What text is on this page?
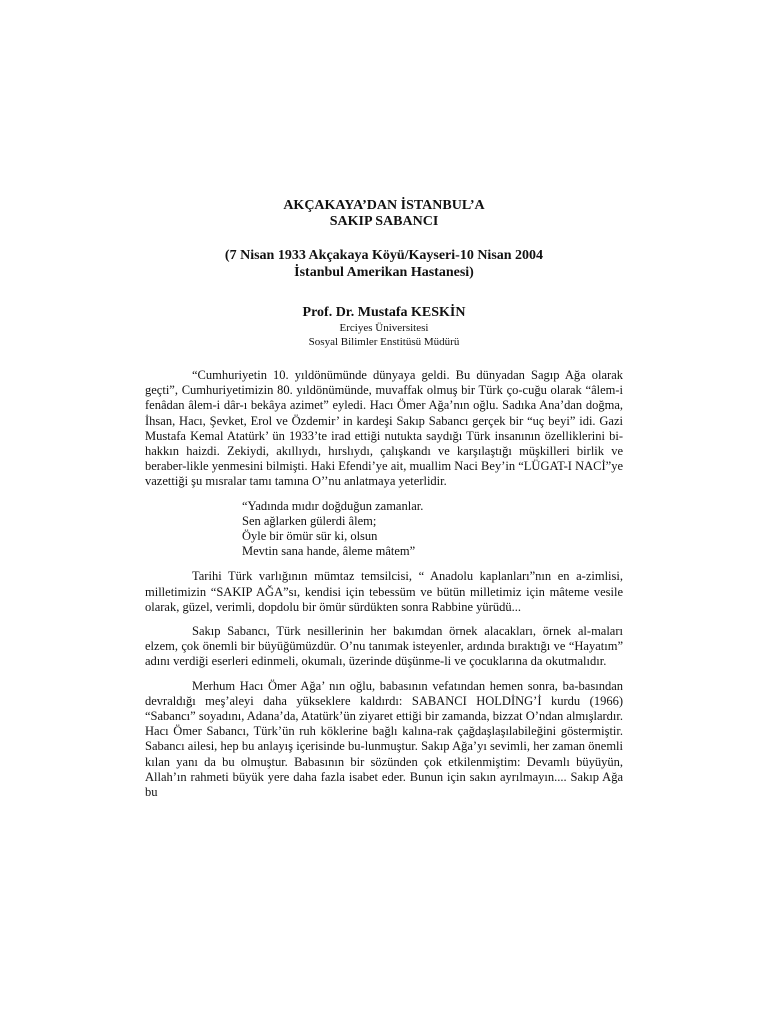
AKÇAKAYA’DAN İSTANBUL’A
SAKIP SABANCI
(7 Nisan 1933 Akçakaya Köyü/Kayseri-10 Nisan 2004
İstanbul Amerikan Hastanesi)
Prof. Dr. Mustafa KESKİN
Erciyes Üniversitesi
Sosyal Bilimler Enstitüsü Müdürü

“Cumhuriyetin 10. yıldönümünde dünyaya geldi. Bu dünyadan Sagıp Ağa olarak geçti”, Cumhuriyetimizin 80. yıldönümünde, muvaffak olmuş bir Türk ço-cuğu olarak “âlem-i fenâdan âlem-i dâr-ı bekâya azimet” eyledi. Hacı Ömer Ağa’nın oğlu. Sadıka Ana’dan doğma, İhsan, Hacı, Şevket, Erol ve Özdemir’ in kardeşi Sakıp Sabancı gerçek bir “uç beyi” idi. Gazi Mustafa Kemal Atatürk’ ün 1933’te irad ettiği nutukta saydığı Türk insanının özelliklerini bi-hakkın haizdi. Zekiydi, akıllıydı, hırslıydı, çalışkandı ve karşılaştığı müşkilleri birlik ve beraber-likle yenmesini bilmişti. Haki Efendi’ye ait, muallim Naci Bey’in “LÜGAT-I NACİ”ye vazettiği şu mısralar tamı tamına O’’nu anlatmaya yeterlidir.

“Yadında mıdır doğduğun zamanlar.
Sen ağlarken gülerdi âlem;
Öyle bir ömür sür ki, olsun
Mevtin sana hande, âleme mâtem”

Tarihi Türk varlığının mümtaz temsilcisi, “ Anadolu kaplanları”nın en a-zimlisi, milletimizin “SAKIP AĞA”sı, kendisi için tebessüm ve bütün milletimiz için mâteme vesile olarak, güzel, verimli, dopdolu bir ömür sürdükten sonra Rabbine yürüdü...

Sakıp Sabancı, Türk nesillerinin her bakımdan örnek alacakları, örnek al-maları elzem, çok önemli bir büyüğümüzdür. O’nu tanımak isteyenler, ardında bıraktığı ve “Hayatım” adını verdiği eserleri edinmeli, okumalı, üzerinde düşünme-li ve çocuklarına da okutmalıdır.

Merhum Hacı Ömer Ağa’ nın oğlu, babasının vefatından hemen sonra, ba-basından devraldığı meş’aleyi daha yükseklere kaldırdı: SABANCI HOLDİNG’İ kurdu (1966) “Sabancı” soyadını, Adana’da, Atatürk’ün ziyaret ettiği bir zamanda, bizzat O’ndan almışlardır. Hacı Ömer Sabancı, Türk’ün ruh köklerine bağlı kalına-rak çağdaşlaşılabileğini göstermiştir. Sabancı ailesi, hep bu anlayış içerisinde bu-lunmuştur. Sakıp Ağa’yı sevimli, her zaman önemli kılan yanı da bu olmuştur. Babasının bir sözünden çok etkilenmiştim: Devamlı büyüyün, Allah’ın rahmeti büyük yere daha fazla isabet eder. Bunun için sakın ayrılmayın.... Sakıp Ağa bu
